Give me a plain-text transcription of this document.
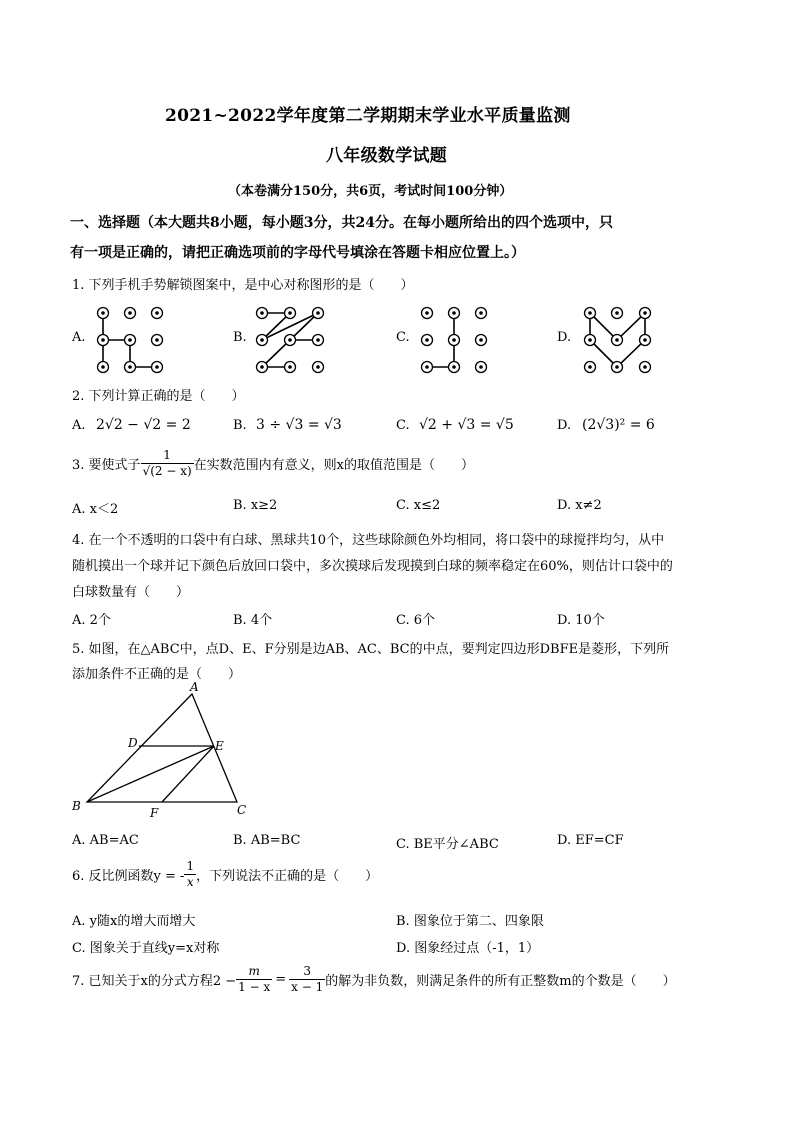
2021~2022学年度第二学期期末学业水平质量监测
八年级数学试题
（本卷满分150分，共6页，考试时间100分钟）
一、选择题（本大题共8小题，每小题3分，共24分。在每小题所给出的四个选项中，只
有一项是正确的，请把正确选项前的字母代号填涂在答题卡相应位置上。）
1. 下列手机手势解锁图案中，是中心对称图形的是（　　）
A.	B.	C.	D.
2. 下列计算正确的是（　　）
A. 2√2 − √2 = 2	B. 3 ÷ √3 = √3	C. √2 + √3 = √5	D. (2√3)² = 6
3. 要使式子 $\frac{1}{√(2 - x)}$ 在实数范围内有意义，则x的取值范围是（　　）
A. x＜2	B. x≥2	C. x≤2	D. x≠2
4. 在一个不透明的口袋中有白球、黑球共10个，这些球除颜色外均相同，将口袋中的球搅拌均匀，从中
随机摸出一个球并记下颜色后放回口袋中，多次摸球后发现摸到白球的频率稳定在60%，则估计口袋中的
白球数量有（　　）
A. 2个	B. 4个	C. 6个	D. 10个
5. 如图，在△ABC中，点D、E、F分别是边AB、AC、BC的中点，要判定四边形DBFE是菱形，下列所
添加条件不正确的是（　　）
A
B	C
D	E
F
A. AB=AC	B. AB=BC	C. BE平分∠ABC	D. EF=CF
6. 反比例函数y = - $\frac{1}{x}$ ，下列说法不正确的是（　　）
A. y随x的增大而增大	B. 图象位于第二、四象限
C. 图象关于直线y=x对称	D. 图象经过点（-1，1）
7. 已知关于x的分式方程$2 - \frac{m}{1 - x} = \frac{3}{x - 1}$ 的解为非负数，则满足条件的所有正整数m的个数是（　　）
